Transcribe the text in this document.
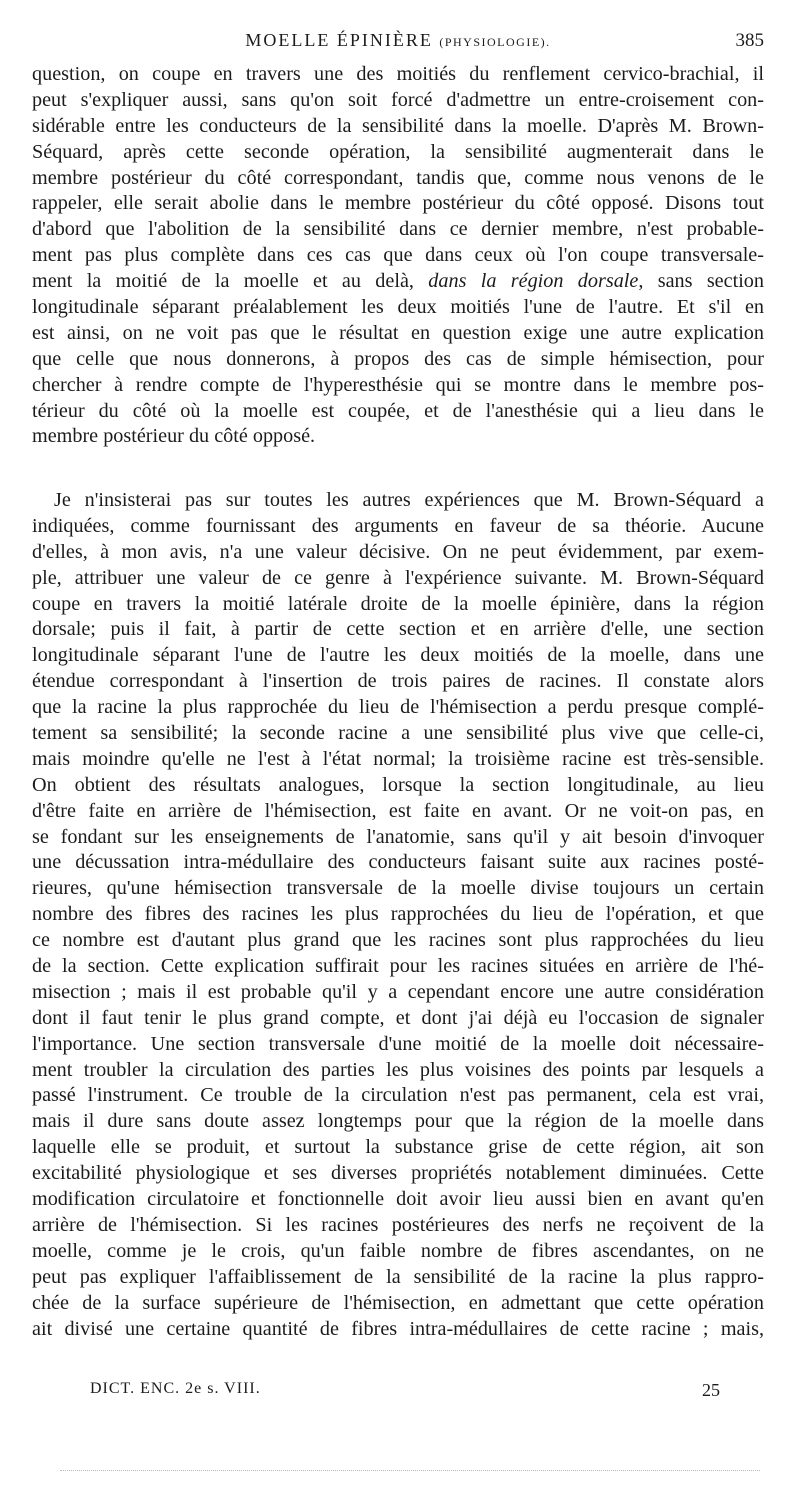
MOELLE ÉPINIÈRE (PHYSIOLOGIE).	385
question, on coupe en travers une des moitiés du renflement cervico-brachial, il
peut s'expliquer aussi, sans qu'on soit forcé d'admettre un entre-croisement con-
sidérable entre les conducteurs de la sensibilité dans la moelle. D'après M. Brown-
Séquard, après cette seconde opération, la sensibilité augmenterait dans le
membre postérieur du côté correspondant, tandis que, comme nous venons de le
rappeler, elle serait abolie dans le membre postérieur du côté opposé. Disons tout
d'abord que l'abolition de la sensibilité dans ce dernier membre, n'est probable-
ment pas plus complète dans ces cas que dans ceux où l'on coupe transversale-
ment la moitié de la moelle et au delà, dans la région dorsale, sans section
longitudinale séparant préalablement les deux moitiés l'une de l'autre. Et s'il en
est ainsi, on ne voit pas que le résultat en question exige une autre explication
que celle que nous donnerons, à propos des cas de simple hémisection, pour
chercher à rendre compte de l'hyperesthésie qui se montre dans le membre pos-
térieur du côté où la moelle est coupée, et de l'anesthésie qui a lieu dans le
membre postérieur du côté opposé.
Je n'insisterai pas sur toutes les autres expériences que M. Brown-Séquard a
indiquées, comme fournissant des arguments en faveur de sa théorie. Aucune
d'elles, à mon avis, n'a une valeur décisive. On ne peut évidemment, par exem-
ple, attribuer une valeur de ce genre à l'expérience suivante. M. Brown-Séquard
coupe en travers la moitié latérale droite de la moelle épinière, dans la région
dorsale; puis il fait, à partir de cette section et en arrière d'elle, une section
longitudinale séparant l'une de l'autre les deux moitiés de la moelle, dans une
étendue correspondant à l'insertion de trois paires de racines. Il constate alors
que la racine la plus rapprochée du lieu de l'hémisection a perdu presque complé-
tement sa sensibilité; la seconde racine a une sensibilité plus vive que celle-ci,
mais moindre qu'elle ne l'est à l'état normal; la troisième racine est très-sensible.
On obtient des résultats analogues, lorsque la section longitudinale, au lieu
d'être faite en arrière de l'hémisection, est faite en avant. Or ne voit-on pas, en
se fondant sur les enseignements de l'anatomie, sans qu'il y ait besoin d'invoquer
une décussation intra-médullaire des conducteurs faisant suite aux racines posté-
rieures, qu'une hémisection transversale de la moelle divise toujours un certain
nombre des fibres des racines les plus rapprochées du lieu de l'opération, et que
ce nombre est d'autant plus grand que les racines sont plus rapprochées du lieu
de la section. Cette explication suffirait pour les racines situées en arrière de l'hé-
misection ; mais il est probable qu'il y a cependant encore une autre considération
dont il faut tenir le plus grand compte, et dont j'ai déjà eu l'occasion de signaler
l'importance. Une section transversale d'une moitié de la moelle doit nécessaire-
ment troubler la circulation des parties les plus voisines des points par lesquels a
passé l'instrument. Ce trouble de la circulation n'est pas permanent, cela est vrai,
mais il dure sans doute assez longtemps pour que la région de la moelle dans
laquelle elle se produit, et surtout la substance grise de cette région, ait son
excitabilité physiologique et ses diverses propriétés notablement diminuées. Cette
modification circulatoire et fonctionnelle doit avoir lieu aussi bien en avant qu'en
arrière de l'hémisection. Si les racines postérieures des nerfs ne reçoivent de la
moelle, comme je le crois, qu'un faible nombre de fibres ascendantes, on ne
peut pas expliquer l'affaiblissement de la sensibilité de la racine la plus rappro-
chée de la surface supérieure de l'hémisection, en admettant que cette opération
ait divisé une certaine quantité de fibres intra-médullaires de cette racine ; mais,
DICT. ENC. 2e s. VIII.	25
